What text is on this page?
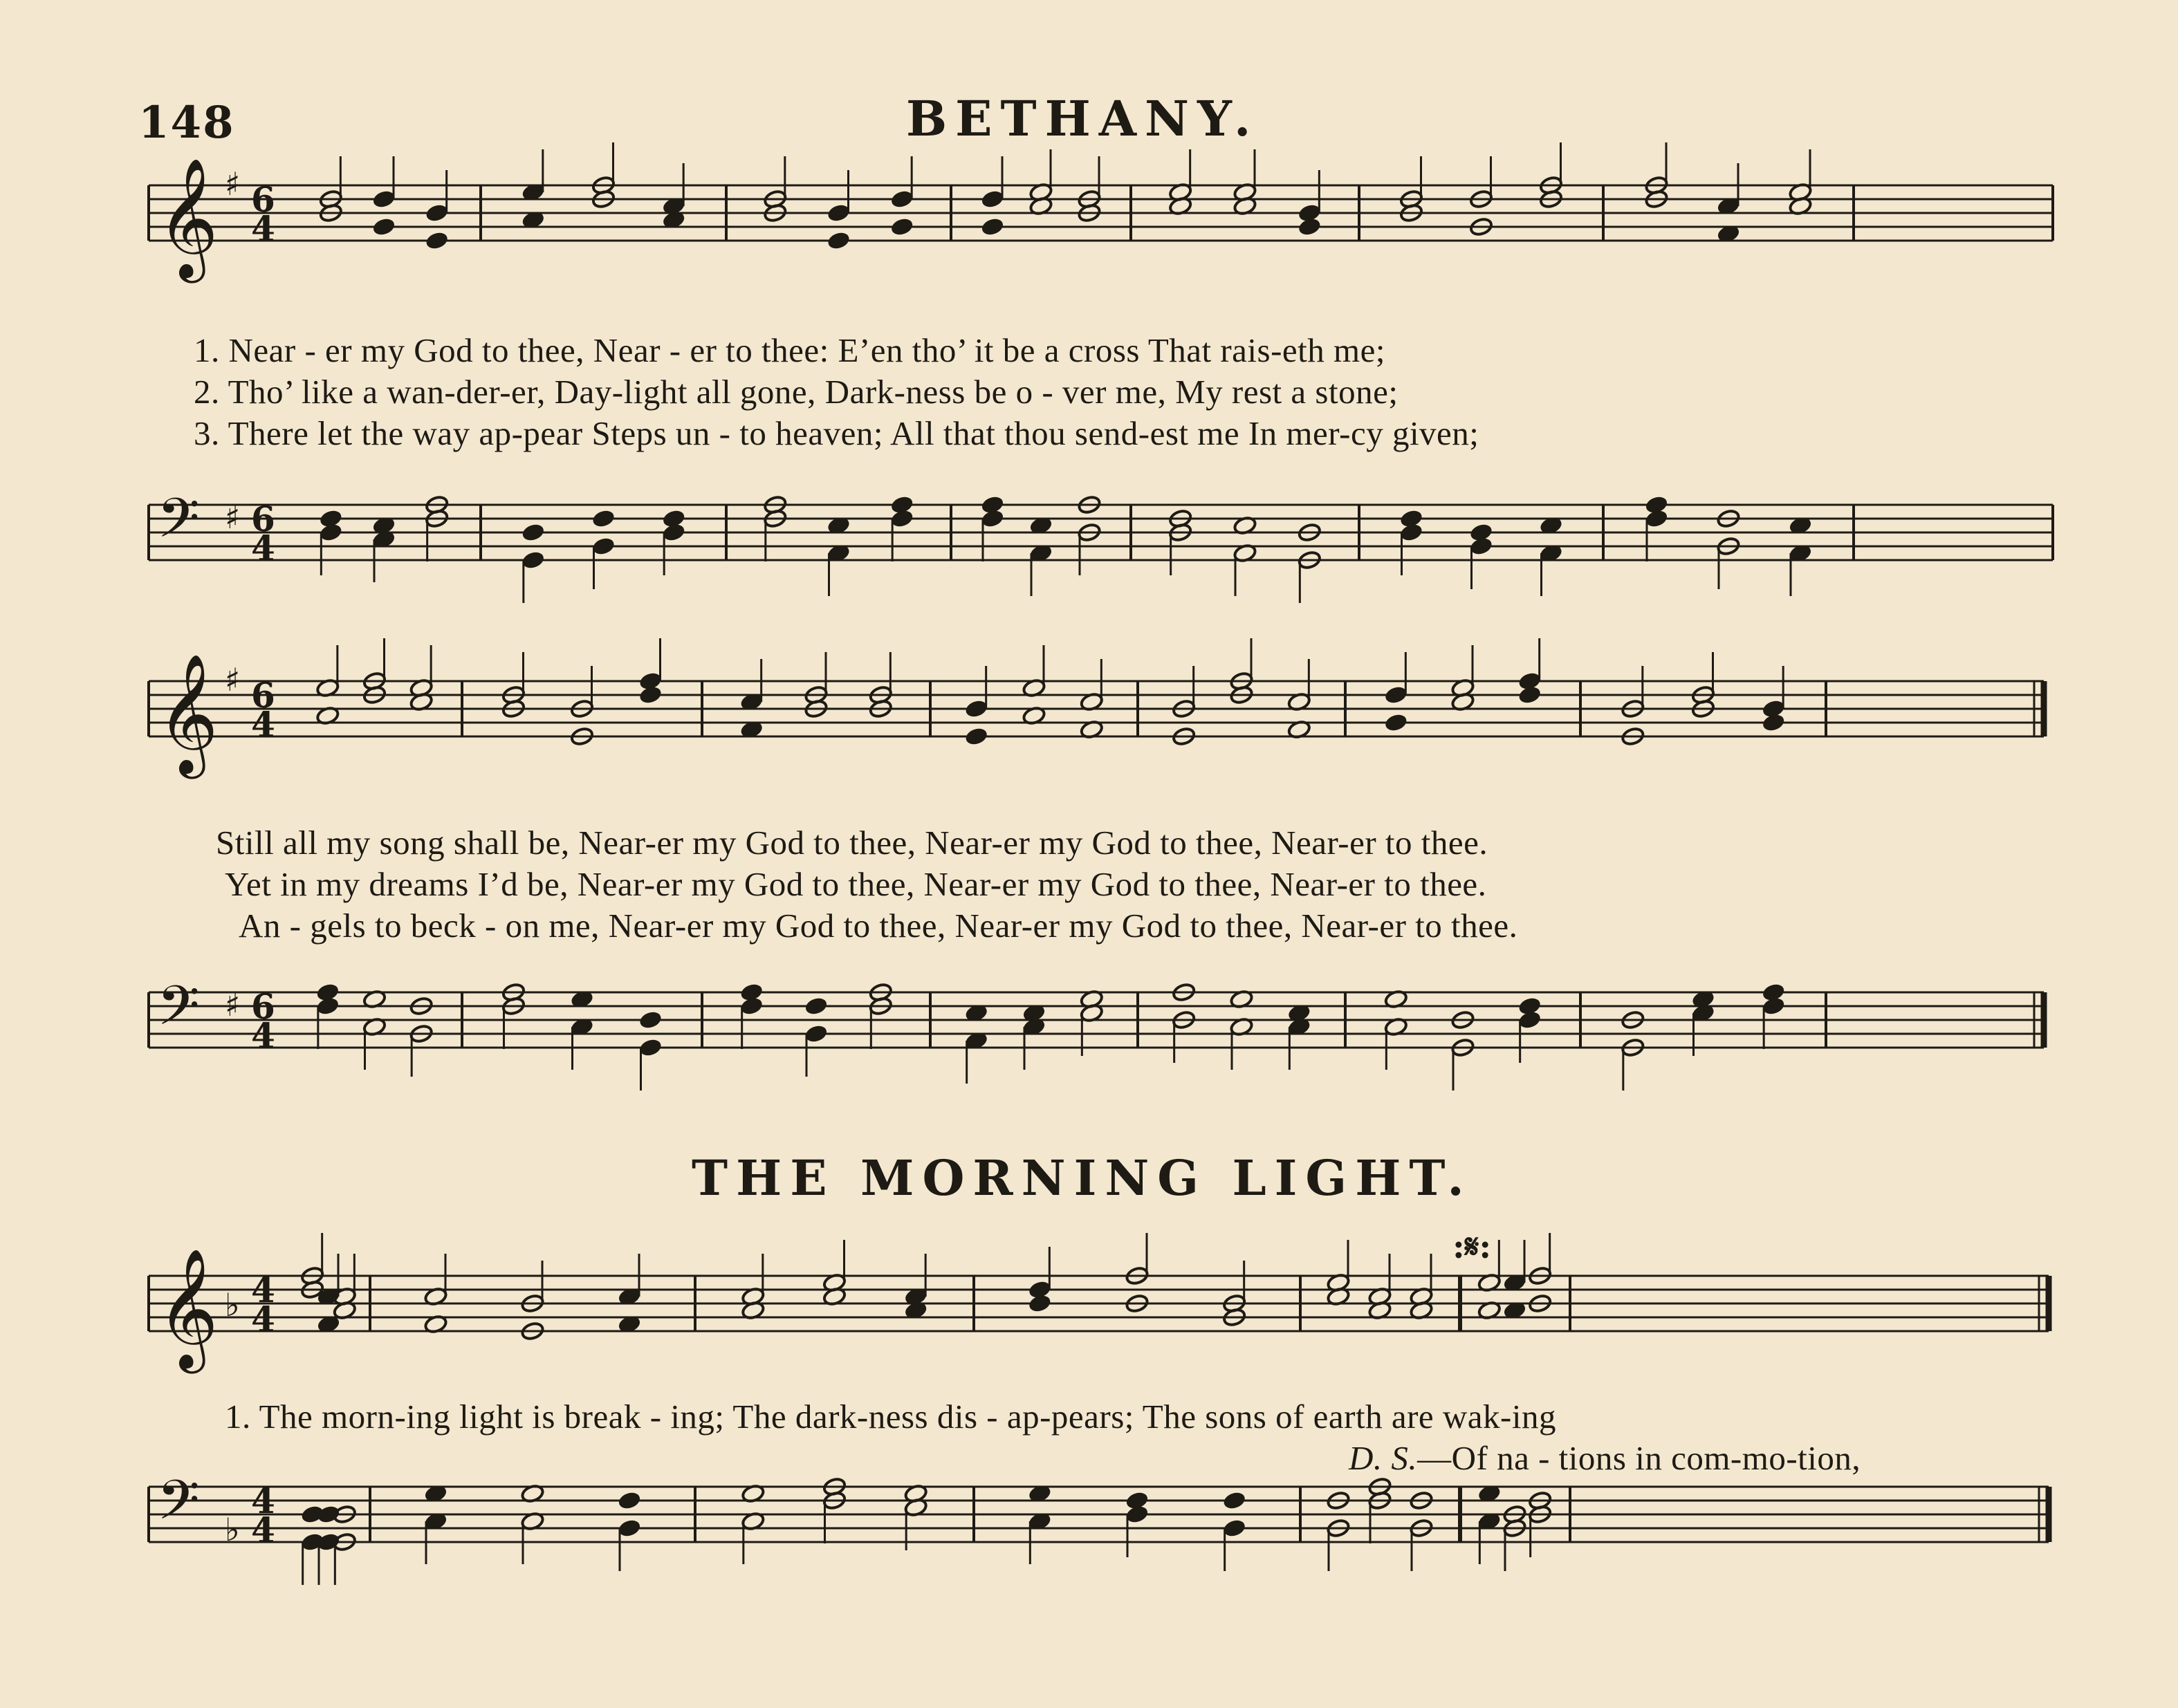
148	BETHANY.
THE MORNING LIGHT.
𝄞 ♯ 6
4
𝄢 ♯ 6
4
𝄞 ♯ 6
4
𝄢 ♯ 6
4
𝄞 ♭ 4
4
𝄢 ♭
4
4
1. Near - er my God to thee, Near - er to thee: E’en tho’ it be a cross That rais-eth me;
2. Tho’ like a wan-der-er, Day-light all gone, Dark-ness be o - ver me, My rest a stone;
3. There let the way ap-pear Steps un - to heaven; All that thou send-est me In mer-cy given;
Still all my song shall be, Near-er my God to thee, Near-er my God to thee, Near-er to thee.
Yet in my dreams I’d be, Near-er my God to thee, Near-er my God to thee, Near-er to thee.
An - gels to beck - on me, Near-er my God to thee, Near-er my God to thee, Near-er to thee.
:𝄋:
1. The morn-ing light is break - ing; The dark-ness dis - ap-pears; The sons of earth are wak-ing
D. S.—Of na - tions in com-mo-tion,
